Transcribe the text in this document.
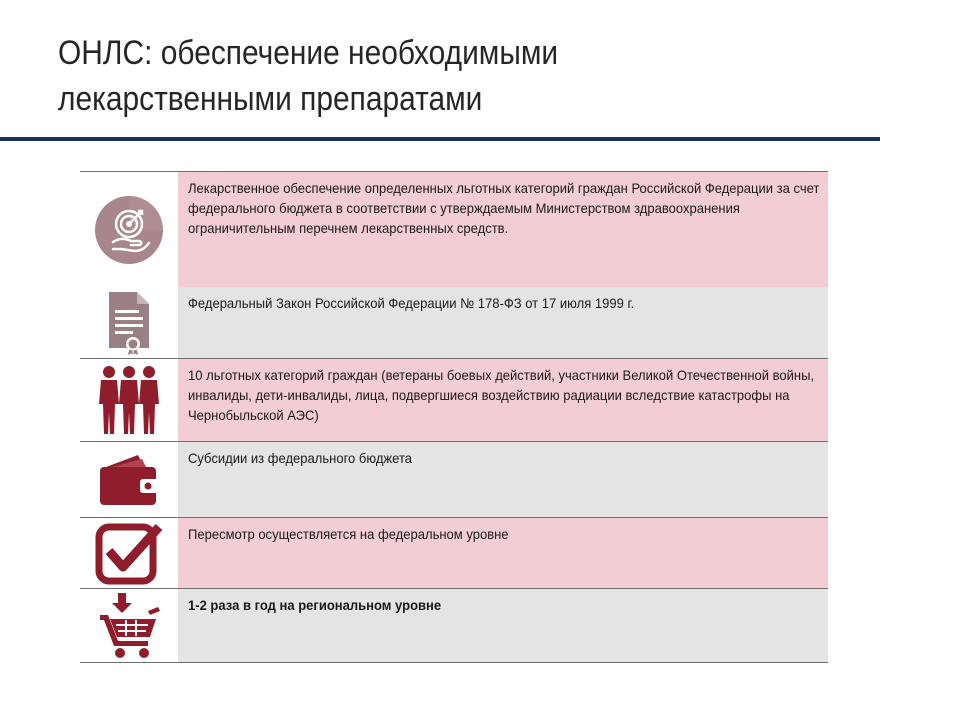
ОНЛС: обеспечение необходимыми
лекарственными препаратами
Лекарственное обеспечение определенных льготных категорий граждан Российской Федерации за счет федерального бюджета в соответствии с утверждаемым Министерством здравоохранения ограничительным перечнем лекарственных средств.
Федеральный Закон Российской Федерации № 178-ФЗ от 17 июля 1999 г.
10 льготных категорий граждан (ветераны боевых действий, участники Великой Отечественной войны, инвалиды, дети-инвалиды, лица, подвергшиеся воздействию радиации вследствие катастрофы на Чернобыльской АЭС)
Субсидии из федерального бюджета
Пересмотр осуществляется на федеральном уровне
1-2 раза в год на региональном уровне
